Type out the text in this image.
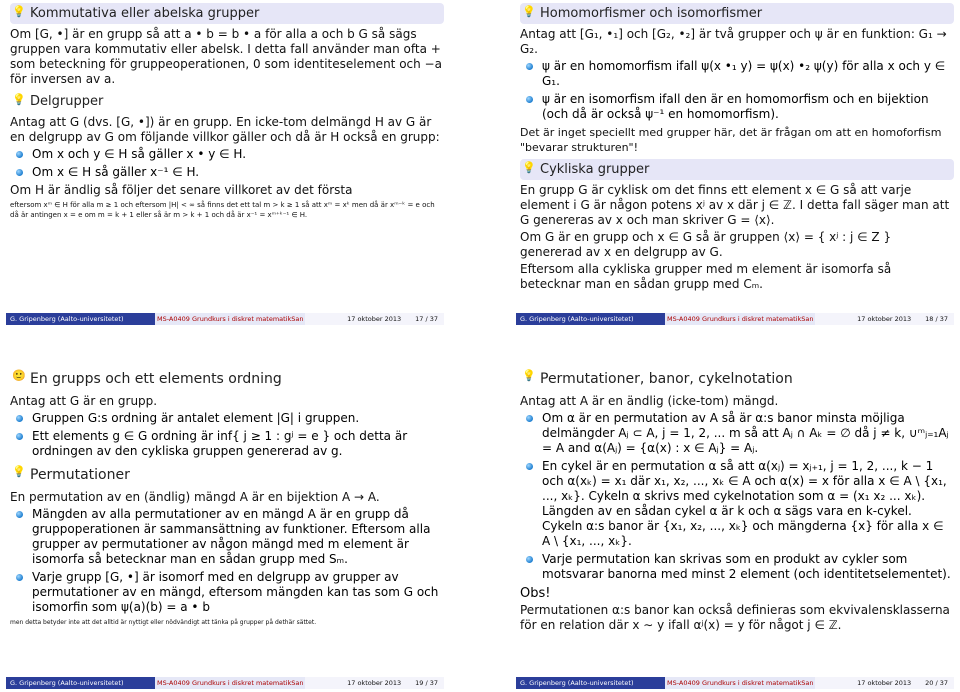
💡 Kommutativa eller abelska grupper
Om [G, •] är en grupp så att a • b = b • a för alla a och b G så sägs gruppen vara kommutativ eller abelsk. I detta fall använder man ofta + som beteckning för gruppeoperationen, 0 som identiteselement och −a för inversen av a.
💡 Delgrupper
Antag att G (dvs. [G, •]) är en grupp. En icke-tom delmängd H av G är en delgrupp av G om följande villkor gäller och då är H också en grupp:
Om x och y ∈ H så gäller x • y ∈ H.
Om x ∈ H så gäller x⁻¹ ∈ H.
Om H är ändlig så följer det senare villkoret av det första
eftersom xᵐ ∈ H för alla m ≥ 1 och eftersom |H| < ∞ så finns det ett tal m > k ≥ 1 så att xᵐ = xᵏ men då är xᵐ⁻ᵏ = e och då är antingen x = e om m = k + 1 eller så är m > k + 1 och då är x⁻¹ = xᵐ⁺ᵏ⁻¹ ∈ H.
G. Gripenberg (Aalto-universitetet)	MS-A0409 Grundkurs i diskret matematikSan	17 oktober 2013 17 / 37
💡 Homomorfismer och isomorfismer
Antag att [G₁, •₁] och [G₂, •₂] är två grupper och ψ är en funktion: G₁ → G₂.
ψ är en homomorfism ifall ψ(x •₁ y) = ψ(x) •₂ ψ(y) för alla x och y ∈ G₁.
ψ är en isomorfism ifall den är en homomorfism och en bijektion (och då är också ψ⁻¹ en homomorfism).
Det är inget speciellt med grupper här, det är frågan om att en homoforfism "bevarar strukturen"!
💡 Cykliska grupper
En grupp G är cyklisk om det finns ett element x ∈ G så att varje element i G är någon potens xʲ av x där j ∈ ℤ. I detta fall säger man att G genereras av x och man skriver G = ⟨x⟩.
Om G är en grupp och x ∈ G så är gruppen ⟨x⟩ = { xʲ : j ∈ Z } genererad av x en delgrupp av G.
Eftersom alla cykliska grupper med m element är isomorfa så betecknar man en sådan grupp med Cₘ.
G. Gripenberg (Aalto-universitetet)	MS-A0409 Grundkurs i diskret matematikSan	17 oktober 2013 18 / 37
🙂 En grupps och ett elements ordning
Antag att G är en grupp.
Gruppen G:s ordning är antalet element |G| i gruppen.
Ett elements g ∈ G ordning är inf{ j ≥ 1 : gʲ = e } och detta är ordningen av den cykliska gruppen genererad av g.
💡 Permutationer
En permutation av en (ändlig) mängd A är en bijektion A → A.
Mängden av alla permutationer av en mängd A är en grupp då gruppoperationen är sammansättning av funktioner. Eftersom alla grupper av permutationer av någon mängd med m element är isomorfa så betecknar man en sådan grupp med Sₘ.
Varje grupp [G, •] är isomorf med en delgrupp av grupper av permutationer av en mängd, eftersom mängden kan tas som G och isomorfin som ψ(a)(b) = a • b
men detta betyder inte att det alltid är nyttigt eller nödvändigt att tänka på grupper på dethär sättet.
G. Gripenberg (Aalto-universitetet)	MS-A0409 Grundkurs i diskret matematikSan	17 oktober 2013 19 / 37
💡 Permutationer, banor, cykelnotation
Antag att A är en ändlig (icke-tom) mängd.
Om α är en permutation av A så är α:s banor minsta möjliga delmängder Aⱼ ⊂ A, j = 1, 2, ... m så att Aⱼ ∩ Aₖ = ∅ då j ≠ k, ∪ᵐⱼ₌₁Aⱼ = A and α(Aⱼ) = {α(x) : x ∈ Aⱼ} = Aⱼ.
En cykel är en permutation α så att α(xⱼ) = xⱼ₊₁, j = 1, 2, ..., k − 1 och α(xₖ) = x₁ där x₁, x₂, ..., xₖ ∈ A och α(x) = x för alla x ∈ A \ {x₁, ..., xₖ}. Cykeln α skrivs med cykelnotation som α = (x₁ x₂ ... xₖ). Längden av en sådan cykel α är k och α sägs vara en k-cykel. Cykeln α:s banor är {x₁, x₂, ..., xₖ} och mängderna {x} för alla x ∈ A \ {x₁, ..., xₖ}.
Varje permutation kan skrivas som en produkt av cykler som motsvarar banorna med minst 2 element (och identitetselementet).
Obs!
Permutationen α:s banor kan också definieras som ekvivalensklasserna för en relation där x ∼ y ifall αʲ(x) = y för något j ∈ ℤ.
G. Gripenberg (Aalto-universitetet)	MS-A0409 Grundkurs i diskret matematikSan	17 oktober 2013 20 / 37
